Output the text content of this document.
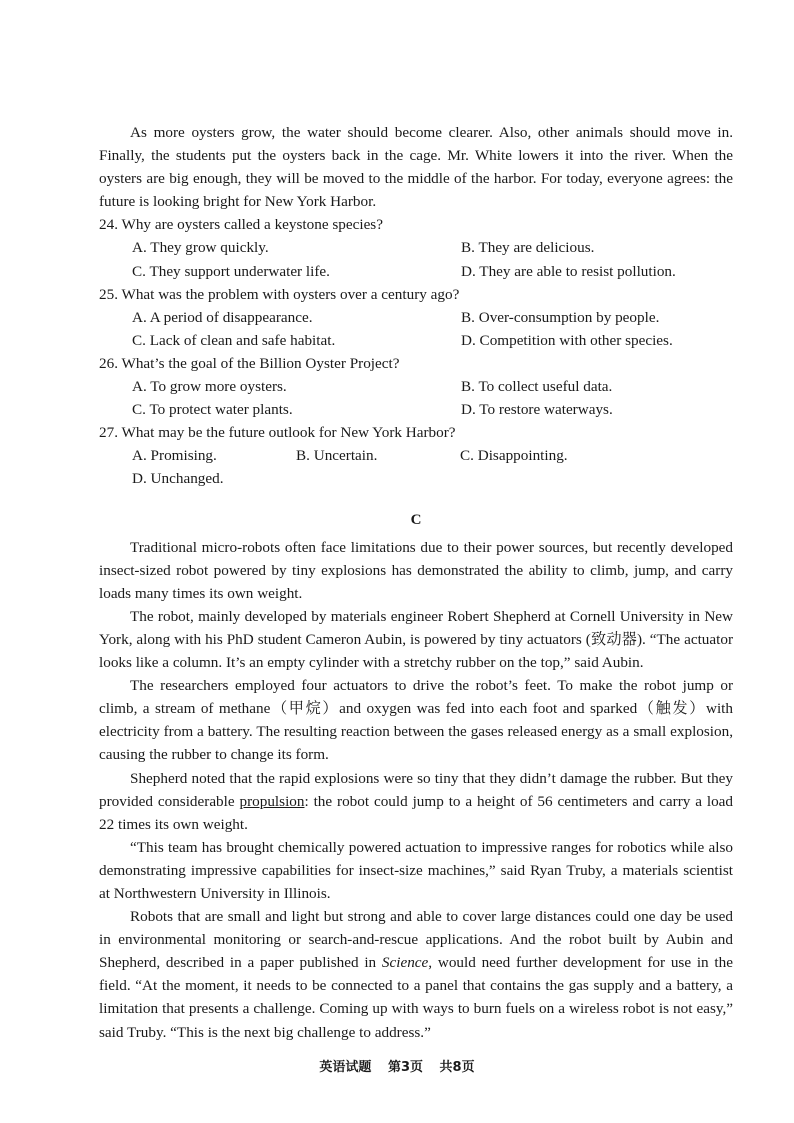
As more oysters grow, the water should become clearer. Also, other animals should move in. Finally, the students put the oysters back in the cage. Mr. White lowers it into the river. When the oysters are big enough, they will be moved to the middle of the harbor. For today, everyone agrees: the future is looking bright for New York Harbor.

24. Why are oysters called a keystone species?
A. They grow quickly.	B. They are delicious.
C. They support underwater life.	D. They are able to resist pollution.
25. What was the problem with oysters over a century ago?
A. A period of disappearance.	B. Over-consumption by people.
C. Lack of clean and safe habitat.	D. Competition with other species.
26. What’s the goal of the Billion Oyster Project?
A. To grow more oysters.	B. To collect useful data.
C. To protect water plants.	D. To restore waterways.
27. What may be the future outlook for New York Harbor?
A. Promising.	B. Uncertain.	C. Disappointing.
D. Unchanged.
C

Traditional micro-robots often face limitations due to their power sources, but recently developed insect-sized robot powered by tiny explosions has demonstrated the ability to climb, jump, and carry loads many times its own weight.

The robot, mainly developed by materials engineer Robert Shepherd at Cornell University in New York, along with his PhD student Cameron Aubin, is powered by tiny actuators (致动器). “The actuator looks like a column. It’s an empty cylinder with a stretchy rubber on the top,” said Aubin.

The researchers employed four actuators to drive the robot’s feet. To make the robot jump or climb, a stream of methane（甲烷）and oxygen was fed into each foot and sparked（触发）with electricity from a battery. The resulting reaction between the gases released energy as a small explosion, causing the rubber to change its form.

Shepherd noted that the rapid explosions were so tiny that they didn’t damage the rubber. But they provided considerable propulsion: the robot could jump to a height of 56 centimeters and carry a load 22 times its own weight.

“This team has brought chemically powered actuation to impressive ranges for robotics while also demonstrating impressive capabilities for insect-size machines,” said Ryan Truby, a materials scientist at Northwestern University in Illinois.

Robots that are small and light but strong and able to cover large distances could one day be used in environmental monitoring or search-and-rescue applications. And the robot built by Aubin and Shepherd, described in a paper published in Science, would need further development for use in the field. “At the moment, it needs to be connected to a panel that contains the gas supply and a battery, a limitation that presents a challenge. Coming up with ways to burn fuels on a wireless robot is not easy,” said Truby. “This is the next big challenge to address.”

英语试题 第3页 共8页
